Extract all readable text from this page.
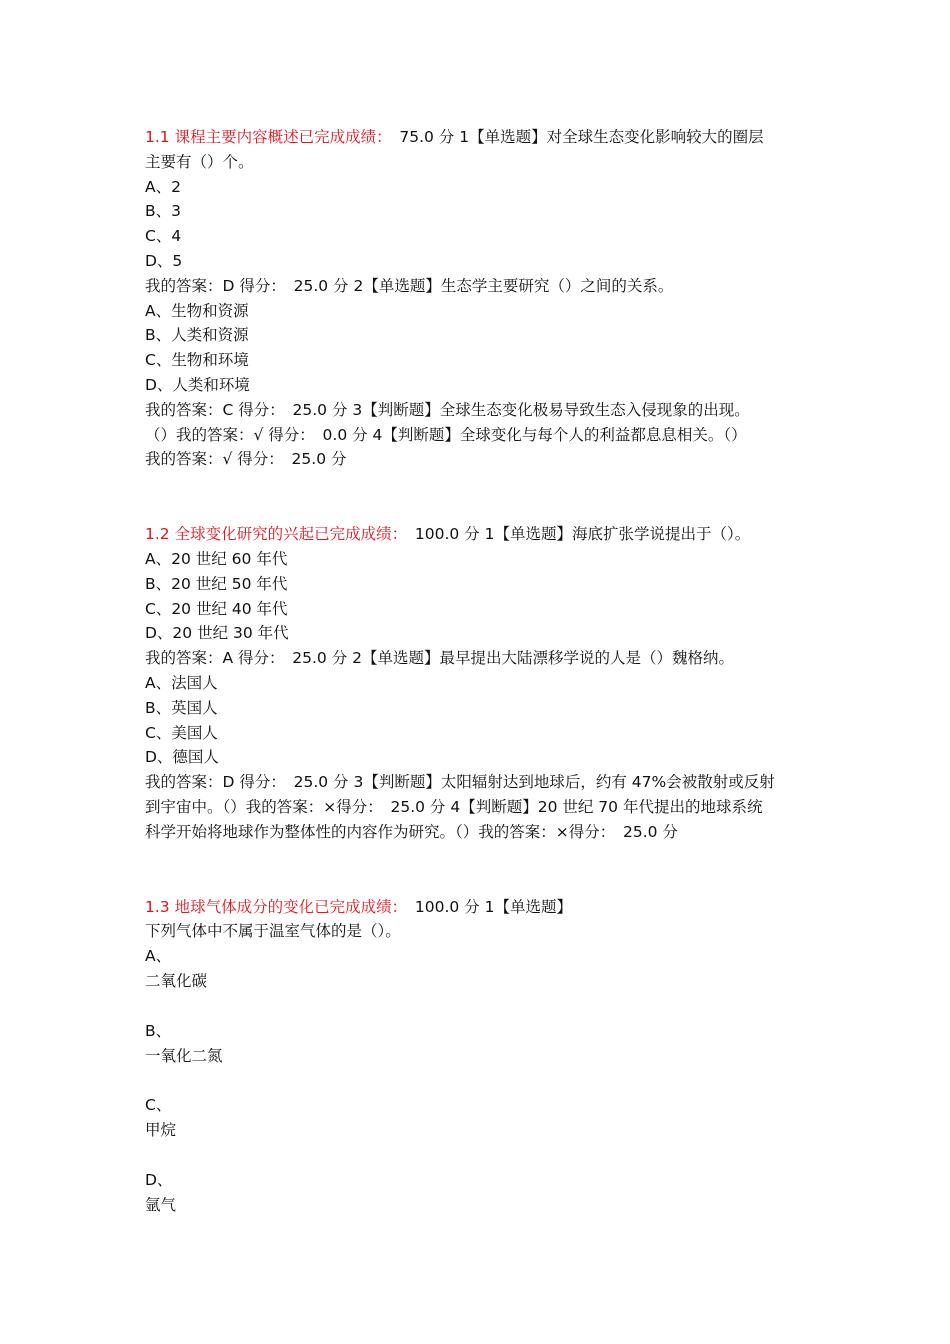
1.1 课程主要内容概述已完成成绩：　 75.0 分 1【单选题】对全球生态变化影响较大的圈层
主要有（）个。
A、2
B、3
C、4
D、5
我的答案：D 得分：　25.0 分 2【单选题】生态学主要研究（）之间的关系。
A、生物和资源
B、人类和资源
C、生物和环境
D、人类和环境
我的答案：C 得分：　25.0 分 3【判断题】全球生态变化极易导致生态入侵现象的出现。
（）我的答案：√ 得分：　0.0 分 4【判断题】全球变化与每个人的利益都息息相关。（）
我的答案：√ 得分：　25.0 分
1.2 全球变化研究的兴起已完成成绩：　 100.0 分 1【单选题】海底扩张学说提出于（）。
A、20 世纪 60 年代
B、20 世纪 50 年代
C、20 世纪 40 年代
D、20 世纪 30 年代
我的答案：A 得分：　25.0 分 2【单选题】最早提出大陆漂移学说的人是（）魏格纳。
A、法国人
B、英国人
C、美国人
D、德国人
我的答案：D 得分：　25.0 分 3【判断题】太阳辐射达到地球后，约有 47%会被散射或反射
到宇宙中。（）我的答案：×得分：　25.0 分 4【判断题】20 世纪 70 年代提出的地球系统
科学开始将地球作为整体性的内容作为研究。（）我的答案：×得分：　25.0 分
1.3 地球气体成分的变化已完成成绩：　 100.0 分 1【单选题】
下列气体中不属于温室气体的是（）。
A、
二氧化碳
B、
一氧化二氮
C、
甲烷
D、
氩气
